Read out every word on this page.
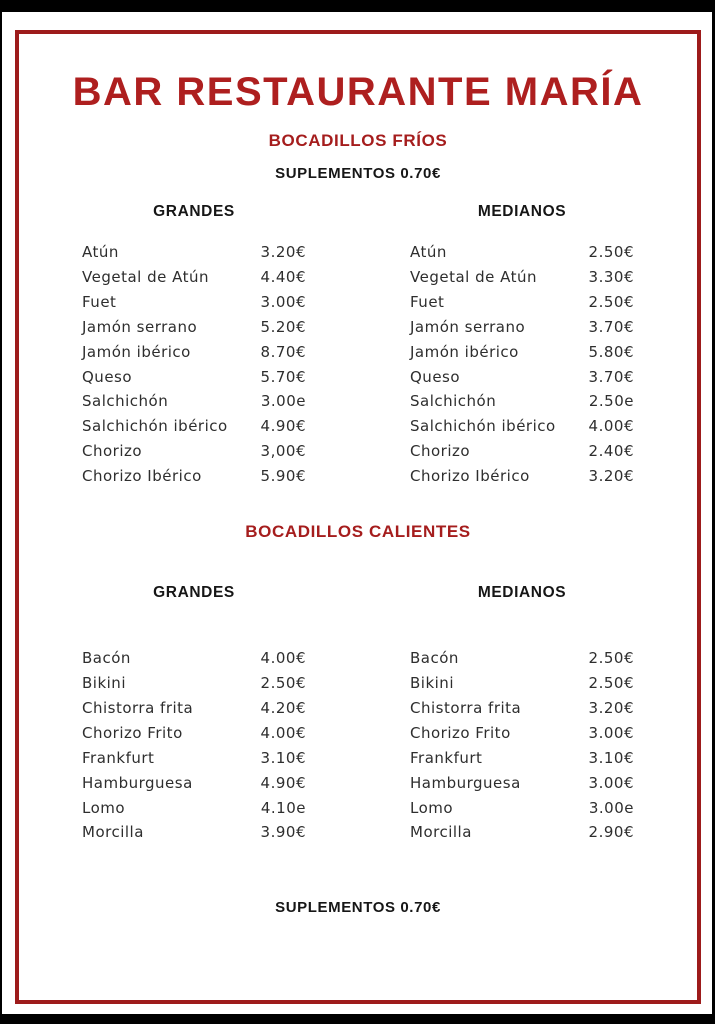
BAR RESTAURANTE MARÍA
BOCADILLOS FRÍOS
SUPLEMENTOS 0.70€
GRANDES
Atún	3.20€
Vegetal de Atún	4.40€
Fuet	3.00€
Jamón serrano	5.20€
Jamón ibérico	8.70€
Queso	5.70€
Salchichón	3.00e
Salchichón ibérico 4.90€
Chorizo	3,00€
Chorizo Ibérico	5.90€
MEDIANOS
Atún	2.50€
Vegetal de Atún	3.30€
Fuet	2.50€
Jamón serrano	3.70€
Jamón ibérico	5.80€
Queso	3.70€
Salchichón	2.50e
Salchichón ibérico 4.00€
Chorizo	2.40€
Chorizo Ibérico	3.20€
BOCADILLOS CALIENTES
GRANDES
Bacón	4.00€
Bikini	2.50€
Chistorra frita	4.20€
Chorizo Frito	4.00€
Frankfurt	3.10€
Hamburguesa	4.90€
Lomo	4.10e
Morcilla	3.90€
MEDIANOS
Bacón	2.50€
Bikini	2.50€
Chistorra frita	3.20€
Chorizo Frito	3.00€
Frankfurt	3.10€
Hamburguesa	3.00€
Lomo	3.00e
Morcilla	2.90€
SUPLEMENTOS 0.70€
